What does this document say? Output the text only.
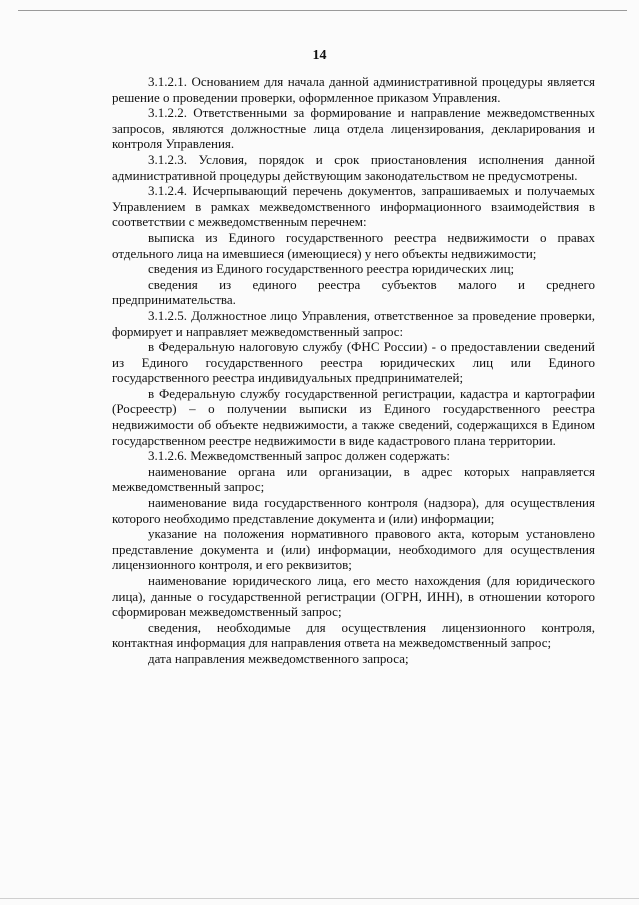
14

3.1.2.1. Основанием для начала данной административной процедуры является решение о проведении проверки, оформленное приказом Управления.

3.1.2.2. Ответственными за формирование и направление межведомственных запросов, являются должностные лица отдела лицензирования, декларирования и контроля Управления.

3.1.2.3. Условия, порядок и срок приостановления исполнения данной административной процедуры действующим законодательством не предусмотрены.

3.1.2.4. Исчерпывающий перечень документов, запрашиваемых и получаемых Управлением в рамках межведомственного информационного взаимодействия в соответствии с межведомственным перечнем:

выписка из Единого государственного реестра недвижимости о правах отдельного лица на имевшиеся (имеющиеся) у него объекты недвижимости;

сведения из Единого государственного реестра юридических лиц;

сведения из единого реестра субъектов малого и среднего предпринимательства.

3.1.2.5. Должностное лицо Управления, ответственное за проведение проверки, формирует и направляет межведомственный запрос:

в Федеральную налоговую службу (ФНС России) - о предоставлении сведений из Единого государственного реестра юридических лиц или Единого государственного реестра индивидуальных предпринимателей;

в Федеральную службу государственной регистрации, кадастра и картографии (Росреестр) – о получении выписки из Единого государственного реестра недвижимости об объекте недвижимости, а также сведений, содержащихся в Едином государственном реестре недвижимости в виде кадастрового плана территории.

3.1.2.6. Межведомственный запрос должен содержать:

наименование органа или организации, в адрес которых направляется межведомственный запрос;

наименование вида государственного контроля (надзора), для осуществления которого необходимо представление документа и (или) информации;

указание на положения нормативного правового акта, которым установлено представление документа и (или) информации, необходимого для осуществления лицензионного контроля, и его реквизитов;

наименование юридического лица, его место нахождения (для юридического лица), данные о государственной регистрации (ОГРН, ИНН), в отношении которого сформирован межведомственный запрос;

сведения, необходимые для осуществления лицензионного контроля, контактная информация для направления ответа на межведомственный запрос;

дата направления межведомственного запроса;
